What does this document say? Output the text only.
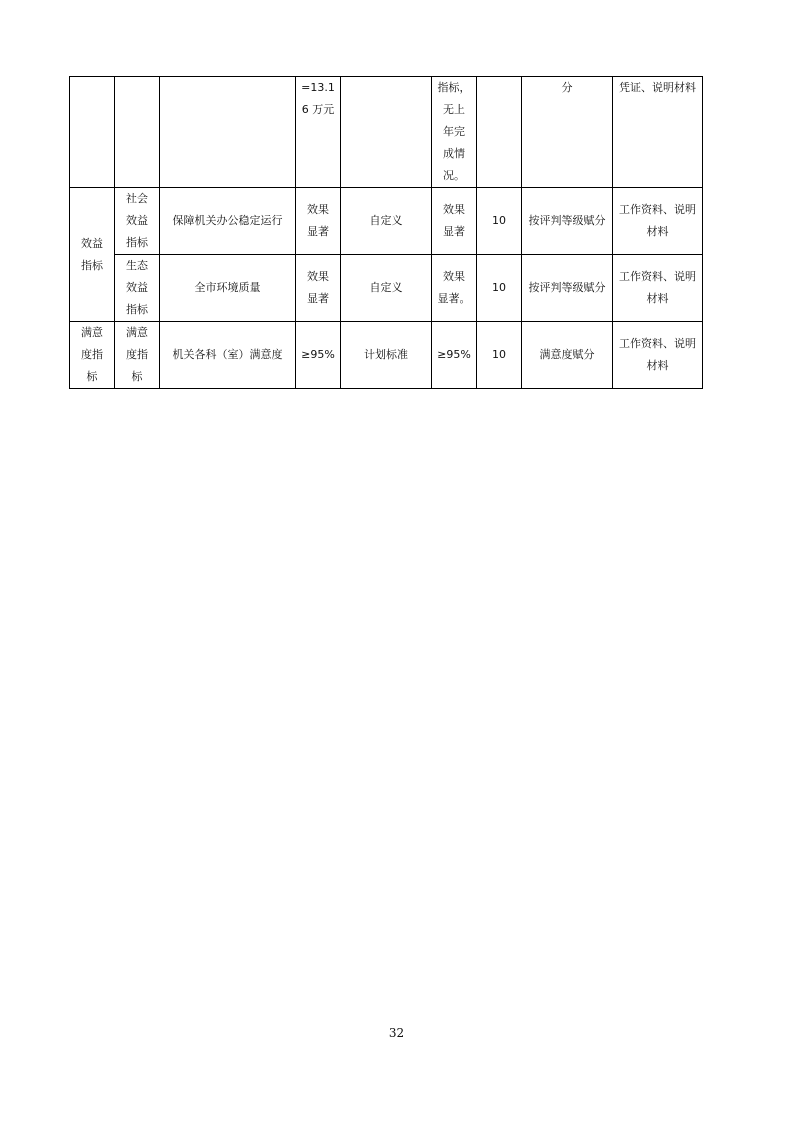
			=13.1
6 万元		指标，
无上
年完
成情
况。		分	凭证、说明材料

效益
指标	社会
效益
指标	保障机关办公稳定运行	效果
显著	自定义	效果
显著	10	按评判等级赋分	工作资料、说明
材料

	生态
效益
指标	全市环境质量	效果
显著	自定义	效果
显著。	10	按评判等级赋分	工作资料、说明
材料

满意
度指
标	满意
度指
标	机关各科（室）满意度	≥95%	计划标准	≥95%	10	满意度赋分	工作资料、说明
材料
32
